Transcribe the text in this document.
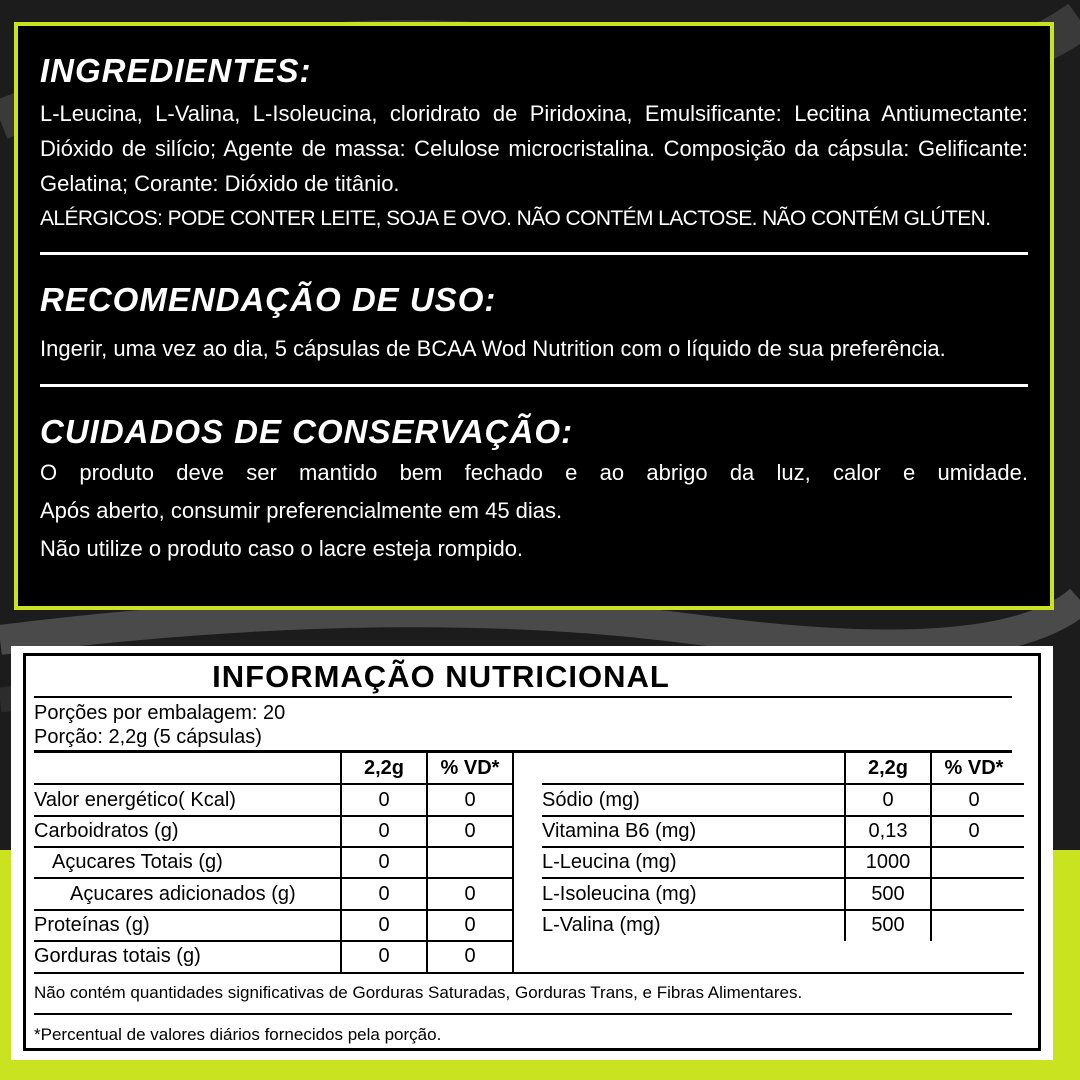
INGREDIENTES:

L-Leucina, L-Valina, L-Isoleucina, cloridrato de Piridoxina, Emulsificante: Lecitina Antiumectante: Dióxido de silício; Agente de massa: Celulose microcristalina. Composição da cápsula: Gelificante: Gelatina; Corante: Dióxido de titânio.

ALÉRGICOS: PODE CONTER LEITE, SOJA E OVO. NÃO CONTÉM LACTOSE. NÃO CONTÉM GLÚTEN.

RECOMENDAÇÃO DE USO:

Ingerir, uma vez ao dia, 5 cápsulas de BCAA Wod Nutrition com o líquido de sua preferência.

CUIDADOS DE CONSERVAÇÃO:

O produto deve ser mantido bem fechado e ao abrigo da luz, calor e umidade.

Após aberto, consumir preferencialmente em 45 dias.

Não utilize o produto caso o lacre esteja rompido.

INFORMAÇÃO NUTRICIONAL
Porções por embalagem: 20
Porção: 2,2g (5 cápsulas)
2,2g	% VD*	2,2g	% VD*
Valor energético( Kcal)	0	0
Carboidratos (g)	0	0
Açucares Totais (g)	0
Açucares adicionados (g)	0	0
Proteínas (g)	0	0
Gorduras totais (g)	0	0
Sódio (mg)	0	0
Vitamina B6 (mg)	0,13	0
L-Leucina (mg)	1000
L-Isoleucina (mg)	500
L-Valina (mg)	500
Não contém quantidades significativas de Gorduras Saturadas, Gorduras Trans, e Fibras Alimentares.
*Percentual de valores diários fornecidos pela porção.
